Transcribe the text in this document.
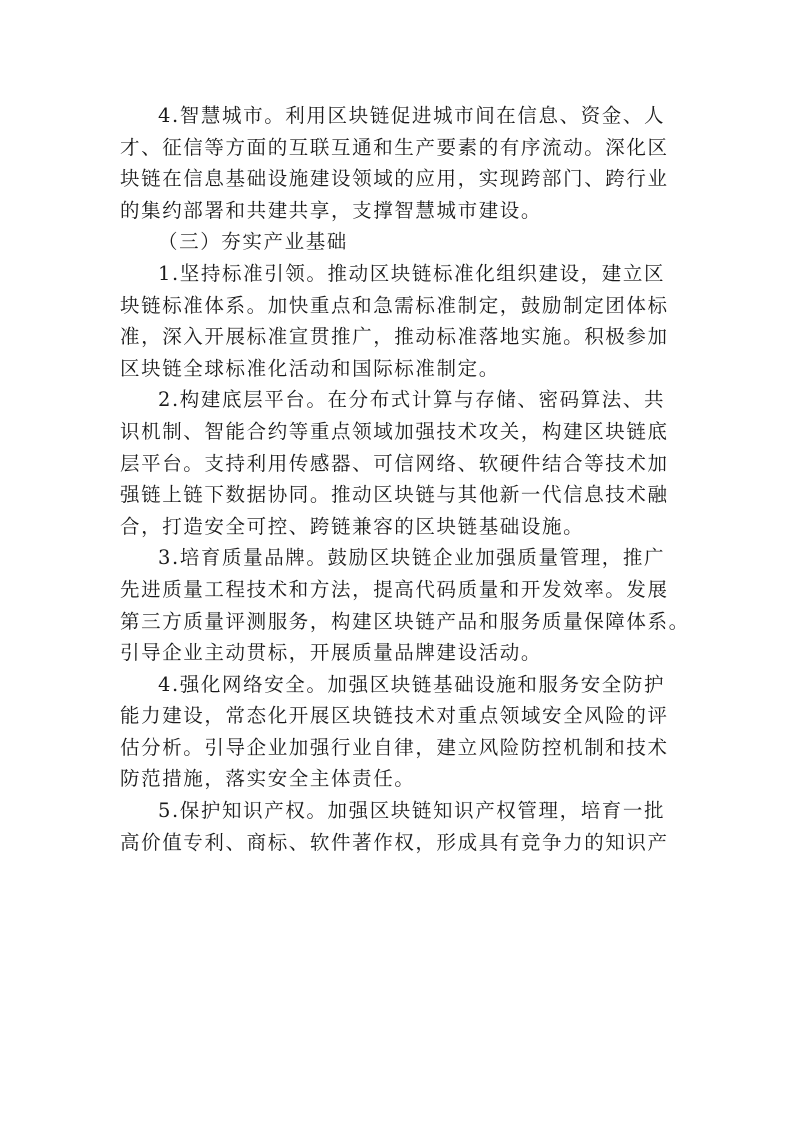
4.智慧城市。利用区块链促进城市间在信息、资金、人
才、征信等方面的互联互通和生产要素的有序流动。深化区
块链在信息基础设施建设领域的应用，实现跨部门、跨行业
的集约部署和共建共享，支撑智慧城市建设。
（三）夯实产业基础
1.坚持标准引领。推动区块链标准化组织建设，建立区
块链标准体系。加快重点和急需标准制定，鼓励制定团体标
准，深入开展标准宣贯推广，推动标准落地实施。积极参加
区块链全球标准化活动和国际标准制定。
2.构建底层平台。在分布式计算与存储、密码算法、共
识机制、智能合约等重点领域加强技术攻关，构建区块链底
层平台。支持利用传感器、可信网络、软硬件结合等技术加
强链上链下数据协同。推动区块链与其他新一代信息技术融
合，打造安全可控、跨链兼容的区块链基础设施。
3.培育质量品牌。鼓励区块链企业加强质量管理，推广
先进质量工程技术和方法，提高代码质量和开发效率。发展
第三方质量评测服务，构建区块链产品和服务质量保障体系。
引导企业主动贯标，开展质量品牌建设活动。
4.强化网络安全。加强区块链基础设施和服务安全防护
能力建设，常态化开展区块链技术对重点领域安全风险的评
估分析。引导企业加强行业自律，建立风险防控机制和技术
防范措施，落实安全主体责任。
5.保护知识产权。加强区块链知识产权管理，培育一批
高价值专利、商标、软件著作权，形成具有竞争力的知识产
